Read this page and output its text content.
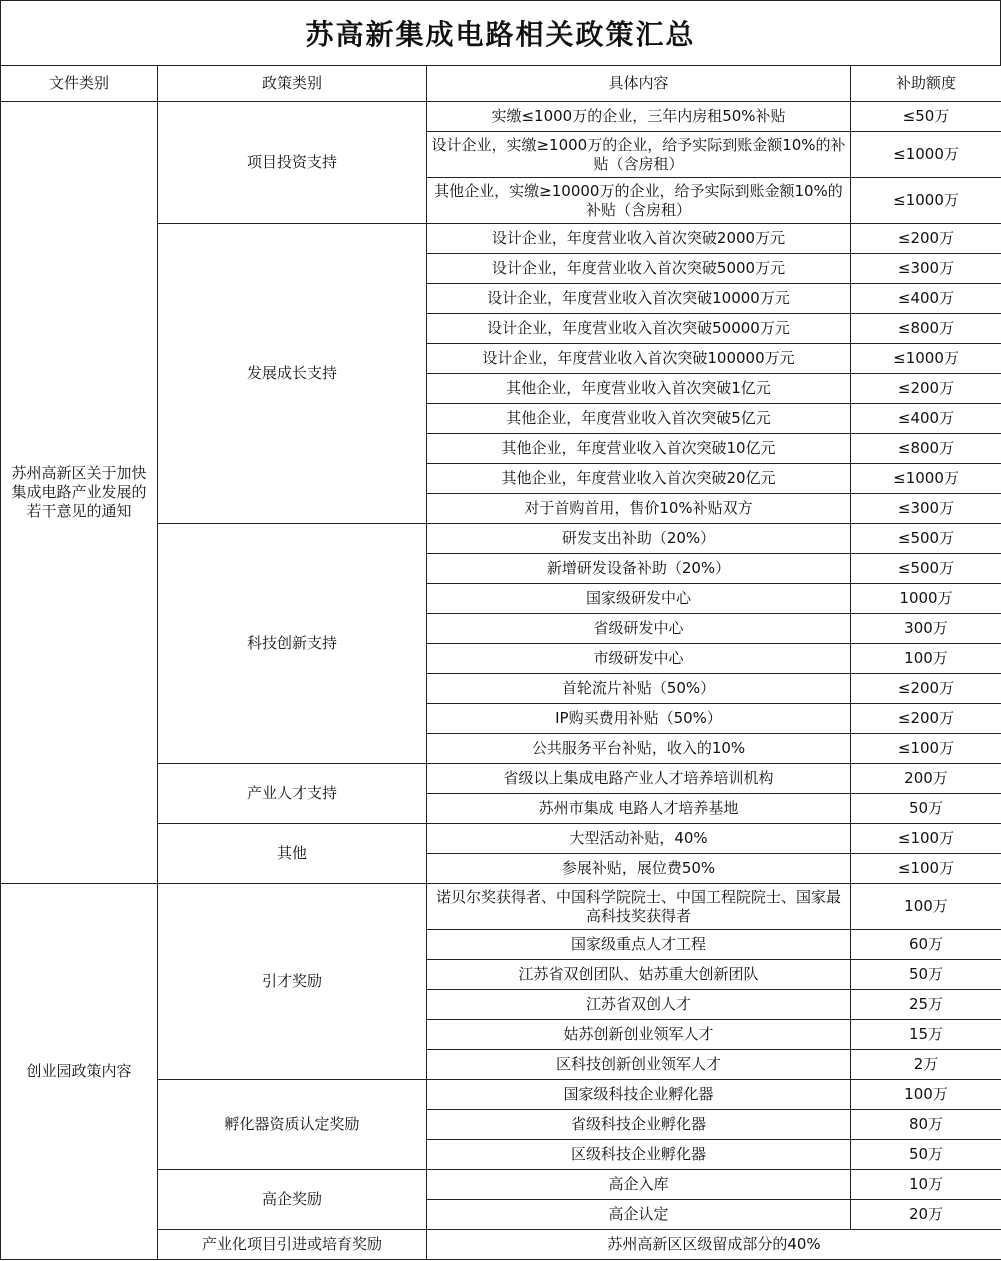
苏高新集成电路相关政策汇总
文件类别	政策类别	具体内容	补助额度
苏州高新区关于加快集成电路产业发展的若干意见的通知	项目投资支持	实缴≤1000万的企业，三年内房租50%补贴	≤50万
		设计企业，实缴≥1000万的企业，给予实际到账金额10%的补贴（含房租）	≤1000万
		其他企业，实缴≥10000万的企业，给予实际到账金额10%的补贴（含房租）	≤1000万
	发展成长支持	设计企业，年度营业收入首次突破2000万元	≤200万
		设计企业，年度营业收入首次突破5000万元	≤300万
		设计企业，年度营业收入首次突破10000万元	≤400万
		设计企业，年度营业收入首次突破50000万元	≤800万
		设计企业，年度营业收入首次突破100000万元	≤1000万
		其他企业，年度营业收入首次突破1亿元	≤200万
		其他企业，年度营业收入首次突破5亿元	≤400万
		其他企业，年度营业收入首次突破10亿元	≤800万
		其他企业，年度营业收入首次突破20亿元	≤1000万
		对于首购首用，售价10%补贴双方	≤300万
	科技创新支持	研发支出补助（20%）	≤500万
		新增研发设备补助（20%）	≤500万
		国家级研发中心	1000万
		省级研发中心	300万
		市级研发中心	100万
		首轮流片补贴（50%）	≤200万
		IP购买费用补贴（50%）	≤200万
		公共服务平台补贴，收入的10%	≤100万
	产业人才支持	省级以上集成电路产业人才培养培训机构	200万
		苏州市集成 电路人才培养基地	50万
	其他	大型活动补贴，40%	≤100万
		参展补贴，展位费50%	≤100万
创业园政策内容	引才奖励	诺贝尔奖获得者、中国科学院院士、中国工程院院士、国家最高科技奖获得者	100万
		国家级重点人才工程	60万
		江苏省双创团队、姑苏重大创新团队	50万
		江苏省双创人才	25万
		姑苏创新创业领军人才	15万
		区科技创新创业领军人才	2万
	孵化器资质认定奖励	国家级科技企业孵化器	100万
		省级科技企业孵化器	80万
		区级科技企业孵化器	50万
	高企奖励	高企入库	10万
		高企认定	20万
	产业化项目引进或培育奖励	苏州高新区区级留成部分的40%	
